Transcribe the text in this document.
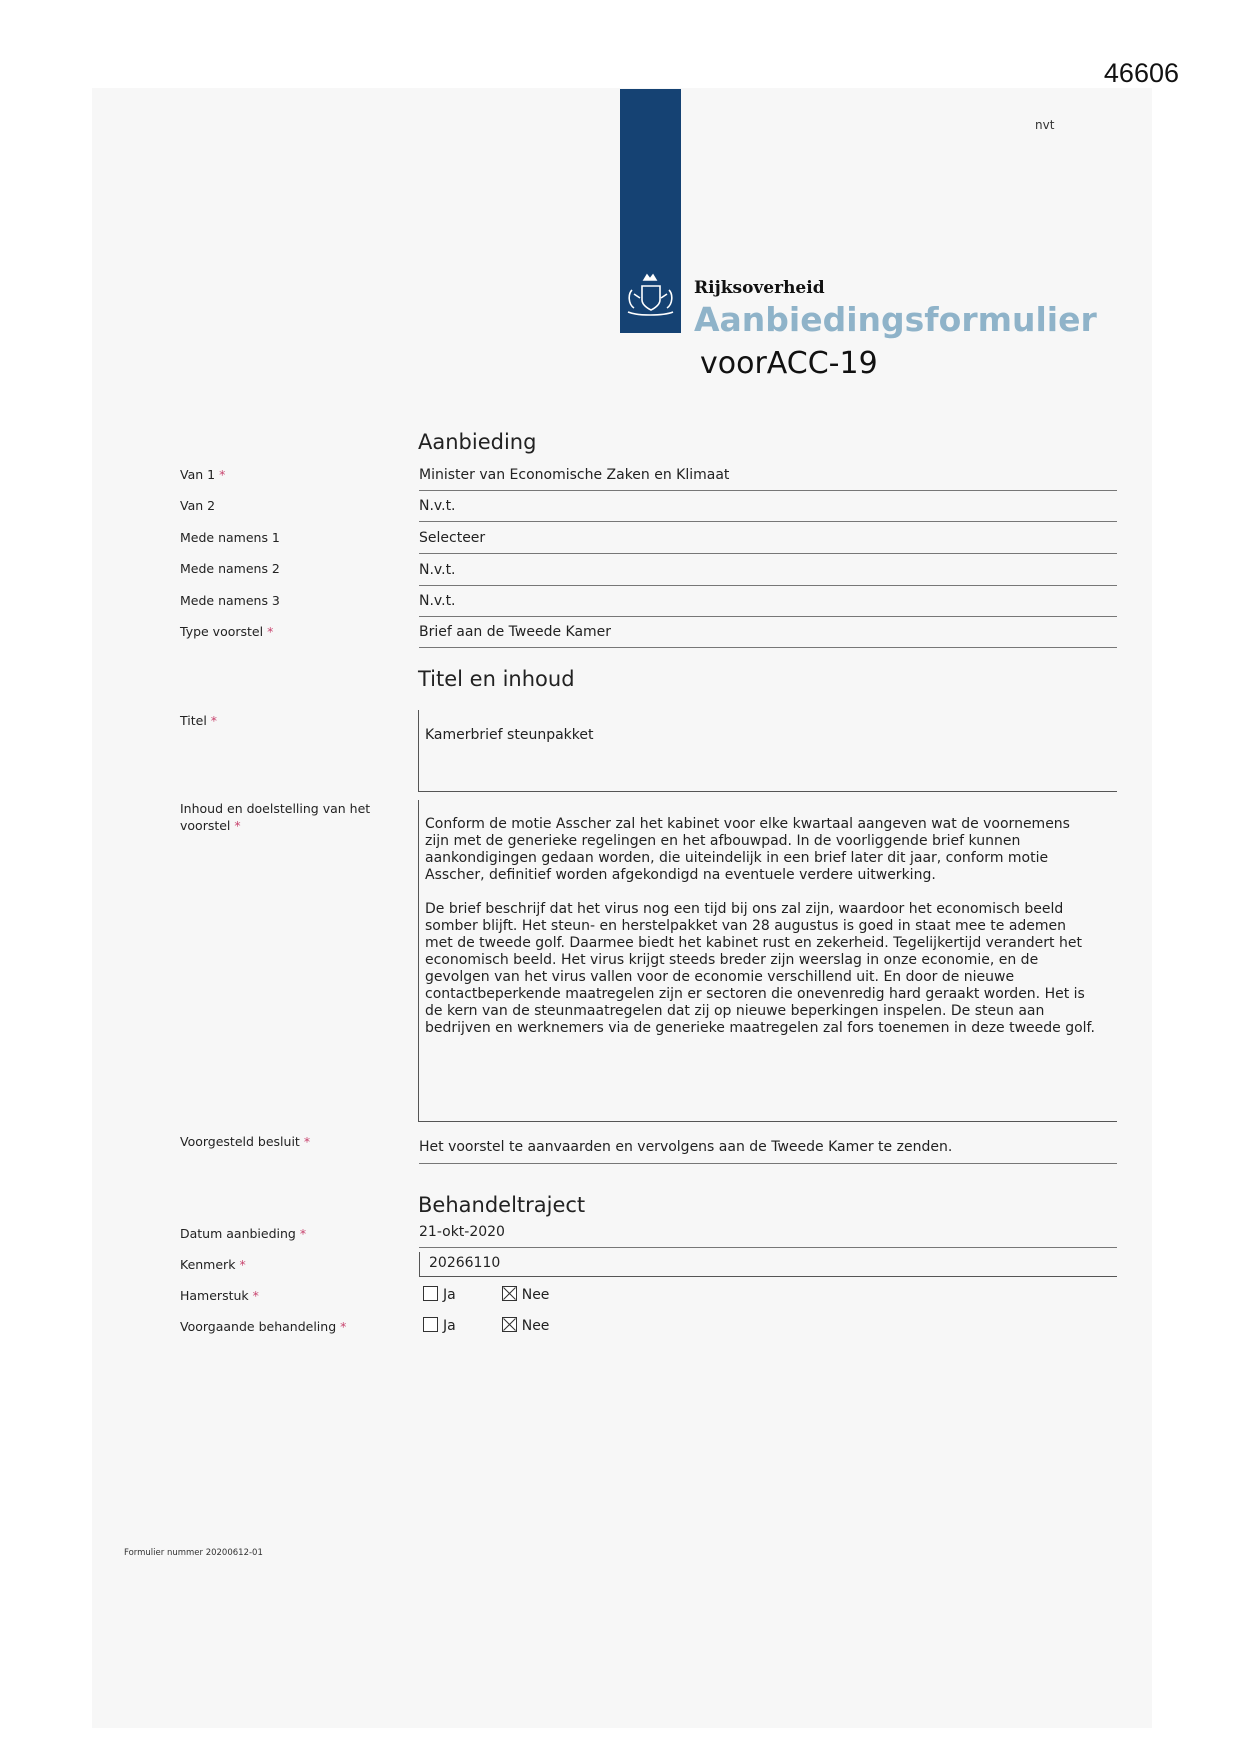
46606
nvt
Rijksoverheid
Aanbiedingsformulier
voorACC-19
Aanbieding
Van 1 *	Minister van Economische Zaken en Klimaat
Van 2	N.v.t.
Mede namens 1	Selecteer
Mede namens 2	N.v.t.
Mede namens 3	N.v.t.
Type voorstel *	Brief aan de Tweede Kamer
Titel en inhoud
Titel *
Kamerbrief steunpakket
Inhoud en doelstelling van het
voorstel *	Conform de motie Asscher zal het kabinet voor elke kwartaal aangeven wat de voornemens
zijn met de generieke regelingen en het afbouwpad. In de voorliggende brief kunnen
aankondigingen gedaan worden, die uiteindelijk in een brief later dit jaar, conform motie
Asscher, definitief worden afgekondigd na eventuele verdere uitwerking.
De brief beschrijf dat het virus nog een tijd bij ons zal zijn, waardoor het economisch beeld
somber blijft. Het steun- en herstelpakket van 28 augustus is goed in staat mee te ademen
met de tweede golf. Daarmee biedt het kabinet rust en zekerheid. Tegelijkertijd verandert het
economisch beeld. Het virus krijgt steeds breder zijn weerslag in onze economie, en de
gevolgen van het virus vallen voor de economie verschillend uit. En door de nieuwe
contactbeperkende maatregelen zijn er sectoren die onevenredig hard geraakt worden. Het is
de kern van de steunmaatregelen dat zij op nieuwe beperkingen inspelen. De steun aan
bedrijven en werknemers via de generieke maatregelen zal fors toenemen in deze tweede golf.
Voorgesteld besluit *	Het voorstel te aanvaarden en vervolgens aan de Tweede Kamer te zenden.
Behandeltraject
Datum aanbieding *	21-okt-2020
Kenmerk *	20266110
Hamerstuk *	Ja	Nee
Voorgaande behandeling *	Ja	Nee
Formulier nummer 20200612-01
